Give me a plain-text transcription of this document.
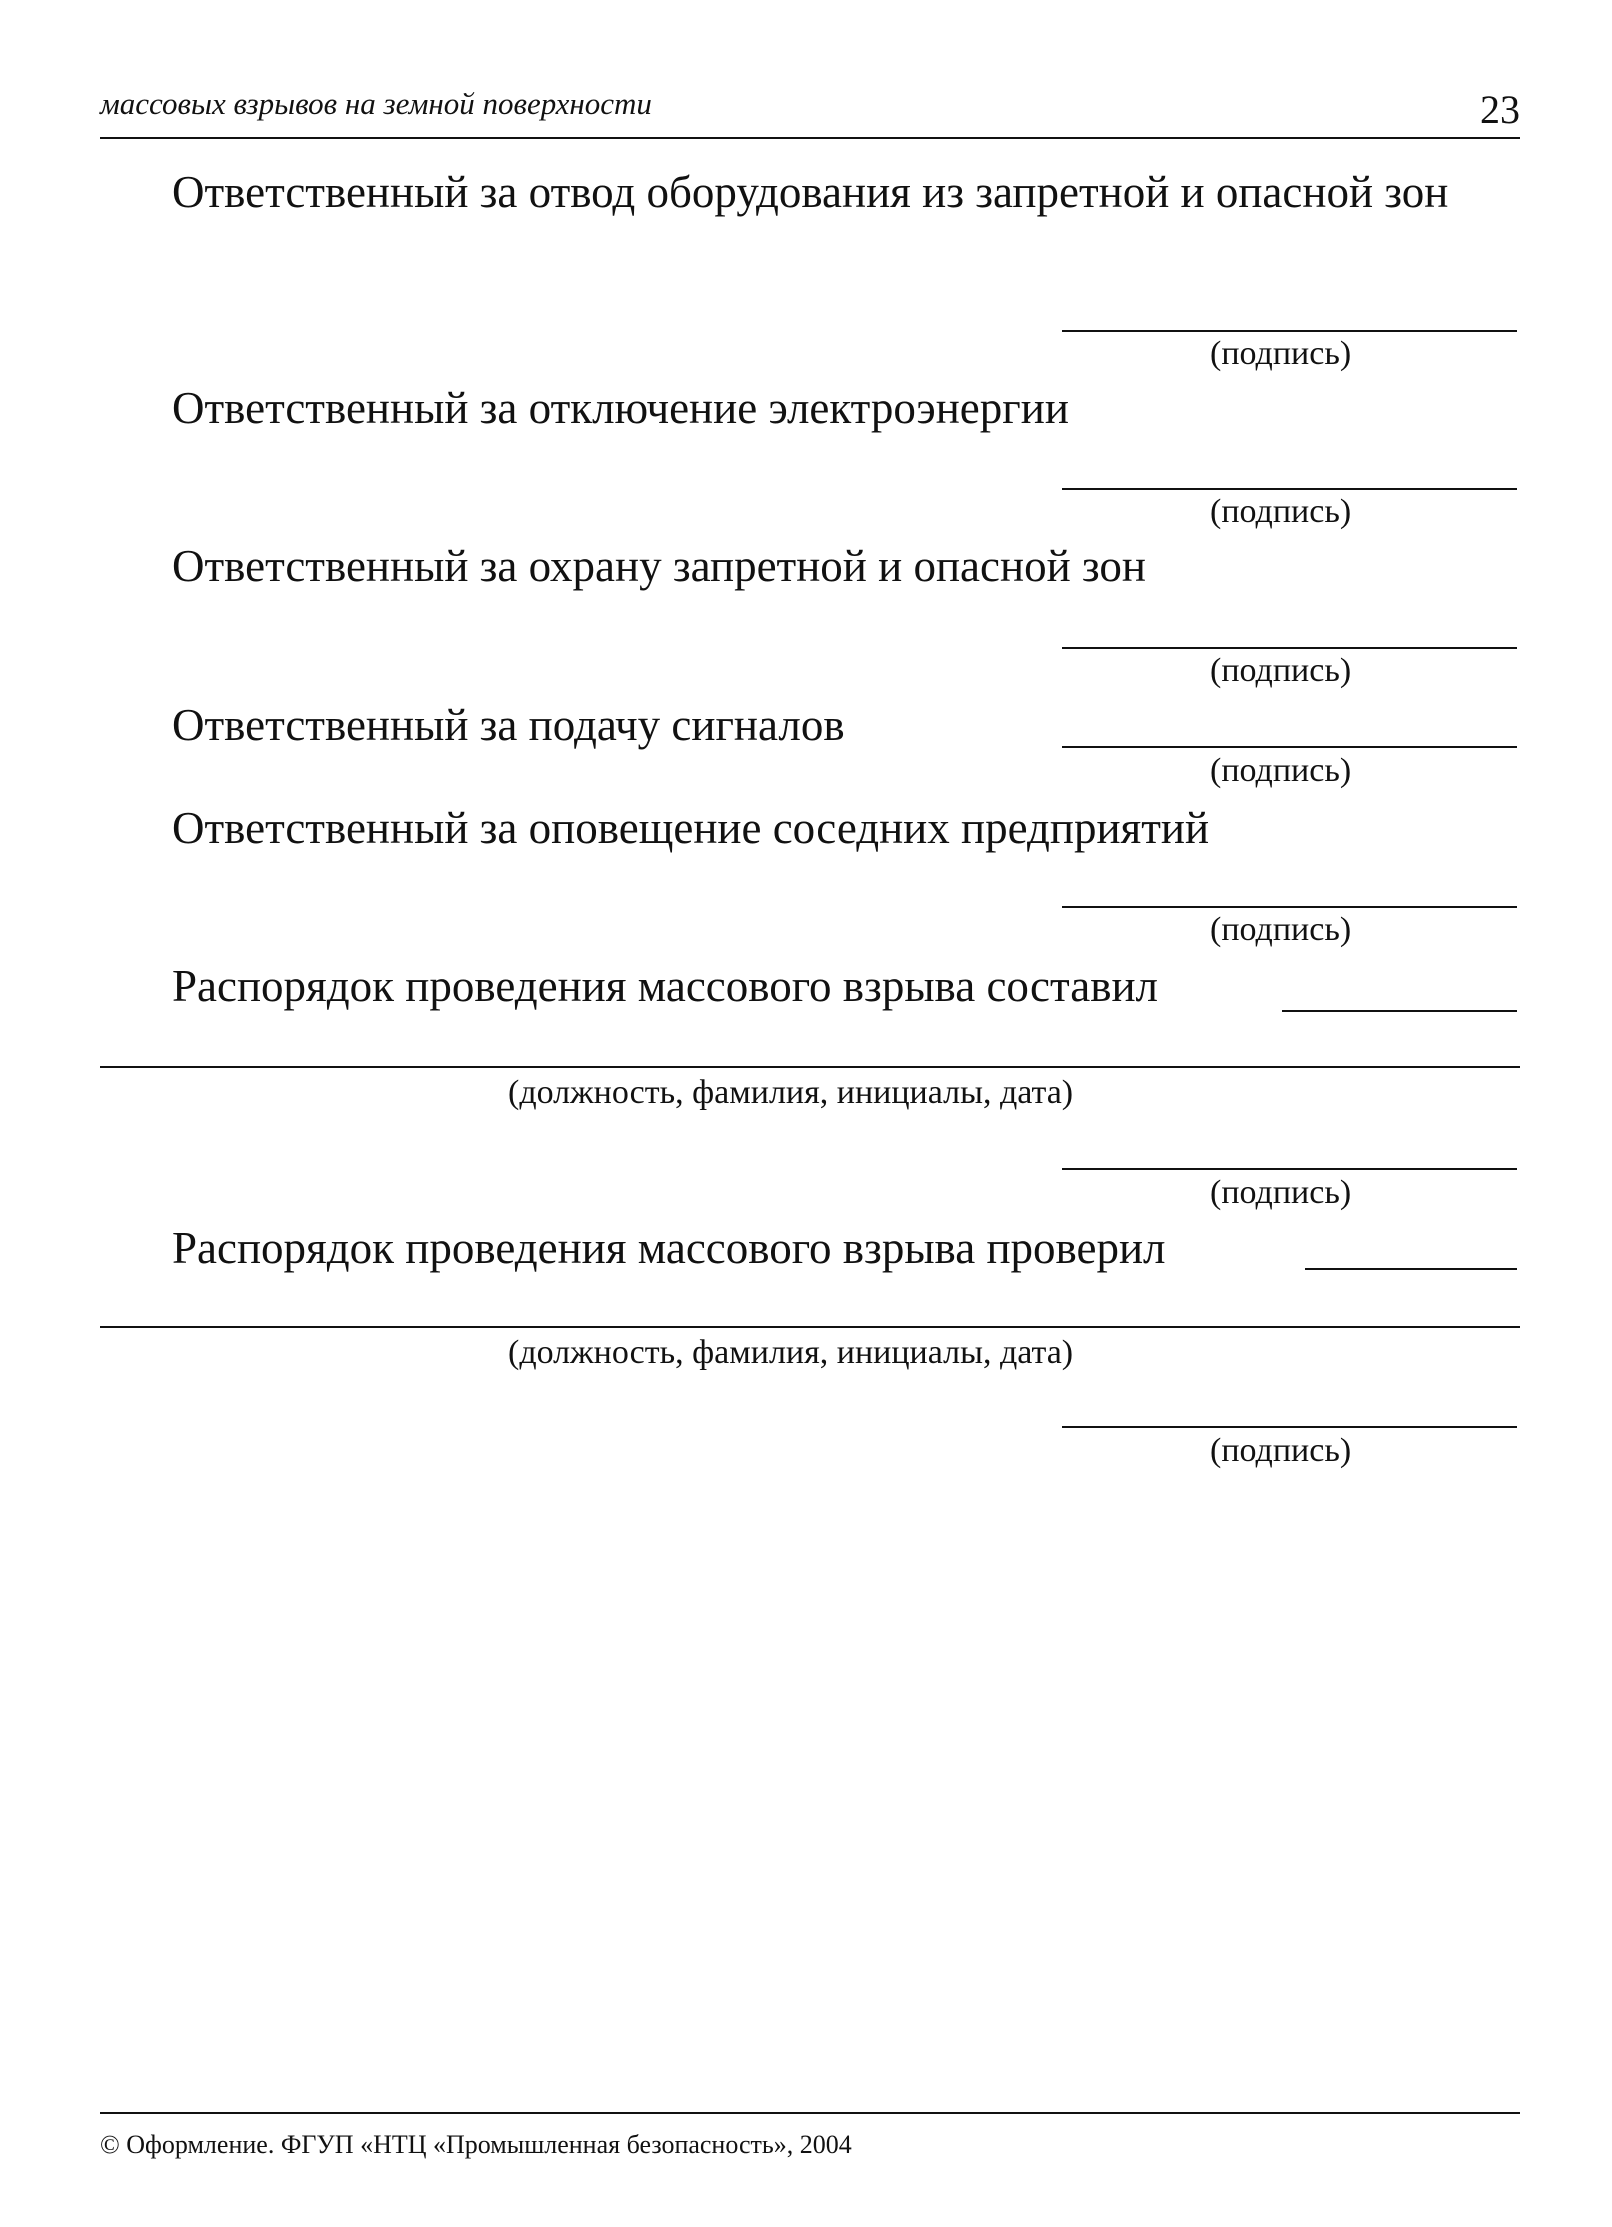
массовых взрывов на земной поверхности	23
Ответственный за отвод оборудования из запретной и опасной зон
(подпись)
Ответственный за отключение электроэнергии
(подпись)
Ответственный за охрану запретной и опасной зон
(подпись)
Ответственный за подачу сигналов
(подпись)
Ответственный за оповещение соседних предприятий
(подпись)
Распорядок проведения массового взрыва составил
(должность, фамилия, инициалы, дата)
(подпись)
Распорядок проведения массового взрыва проверил
(должность, фамилия, инициалы, дата)
(подпись)
© Оформление. ФГУП «НТЦ «Промышленная безопасность», 2004
